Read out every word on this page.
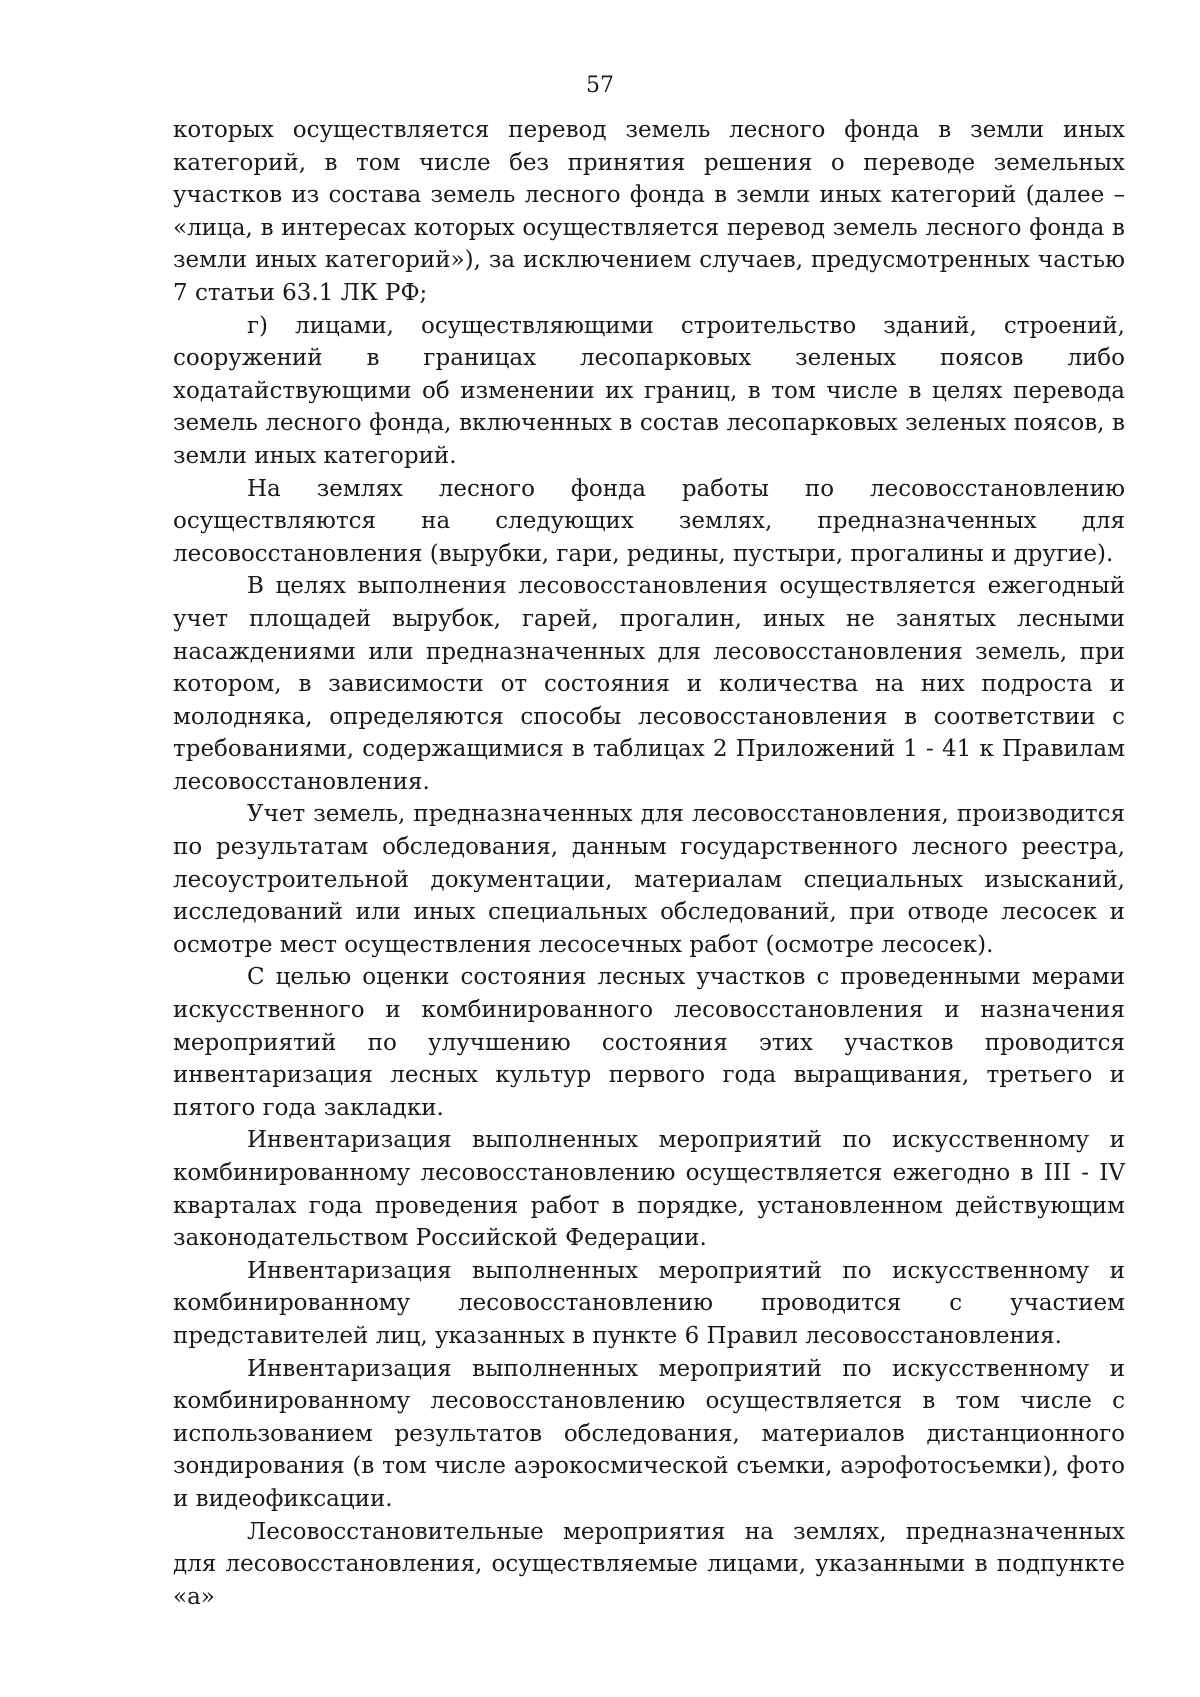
57

которых осуществляется перевод земель лесного фонда в земли иных категорий, в том числе без принятия решения о переводе земельных участков из состава земель лесного фонда в земли иных категорий (далее – «лица, в интересах которых осуществляется перевод земель лесного фонда в земли иных категорий»), за исключением случаев, предусмотренных частью 7 статьи 63.1 ЛК РФ;

г) лицами, осуществляющими строительство зданий, строений, сооружений в границах лесопарковых зеленых поясов либо ходатайствующими об изменении их границ, в том числе в целях перевода земель лесного фонда, включенных в состав лесопарковых зеленых поясов, в земли иных категорий.

На землях лесного фонда работы по лесовосстановлению осуществляются на следующих землях, предназначенных для лесовосстановления (вырубки, гари, редины, пустыри, прогалины и другие).

В целях выполнения лесовосстановления осуществляется ежегодный учет площадей вырубок, гарей, прогалин, иных не занятых лесными насаждениями или предназначенных для лесовосстановления земель, при котором, в зависимости от состояния и количества на них подроста и молодняка, определяются способы лесовосстановления в соответствии с требованиями, содержащимися в таблицах 2 Приложений 1 - 41 к Правилам лесовосстановления.

Учет земель, предназначенных для лесовосстановления, производится по результатам обследования, данным государственного лесного реестра, лесоустроительной документации, материалам специальных изысканий, исследований или иных специальных обследований, при отводе лесосек и осмотре мест осуществления лесосечных работ (осмотре лесосек).

С целью оценки состояния лесных участков с проведенными мерами искусственного и комбинированного лесовосстановления и назначения мероприятий по улучшению состояния этих участков проводится инвентаризация лесных культур первого года выращивания, третьего и пятого года закладки.

Инвентаризация выполненных мероприятий по искусственному и комбинированному лесовосстановлению осуществляется ежегодно в III - IV кварталах года проведения работ в порядке, установленном действующим законодательством Российской Федерации.

Инвентаризация выполненных мероприятий по искусственному и комбинированному лесовосстановлению проводится с участием представителей лиц, указанных в пункте 6 Правил лесовосстановления.

Инвентаризация выполненных мероприятий по искусственному и комбинированному лесовосстановлению осуществляется в том числе с использованием результатов обследования, материалов дистанционного зондирования (в том числе аэрокосмической съемки, аэрофотосъемки), фото и видеофиксации.

Лесовосстановительные мероприятия на землях, предназначенных для лесовосстановления, осуществляемые лицами, указанными в подпункте «а»
